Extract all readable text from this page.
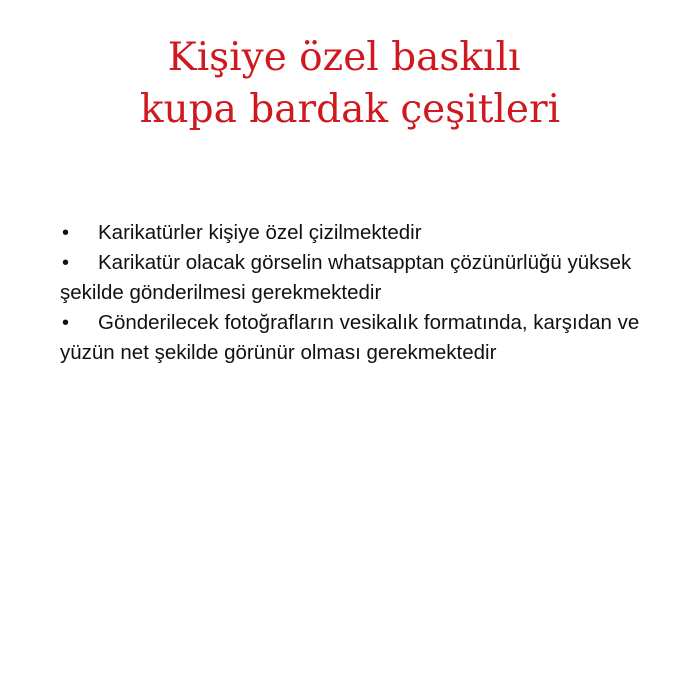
Kişiye özel baskılı
kupa bardak çeşitleri
• Karikatürler kişiye özel çizilmektedir
• Karikatür olacak görselin whatsapptan çözünürlüğü yüksek şekilde gönderilmesi gerekmektedir
• Gönderilecek fotoğrafların vesikalık formatında, karşıdan ve yüzün net şekilde görünür olması gerekmektedir
